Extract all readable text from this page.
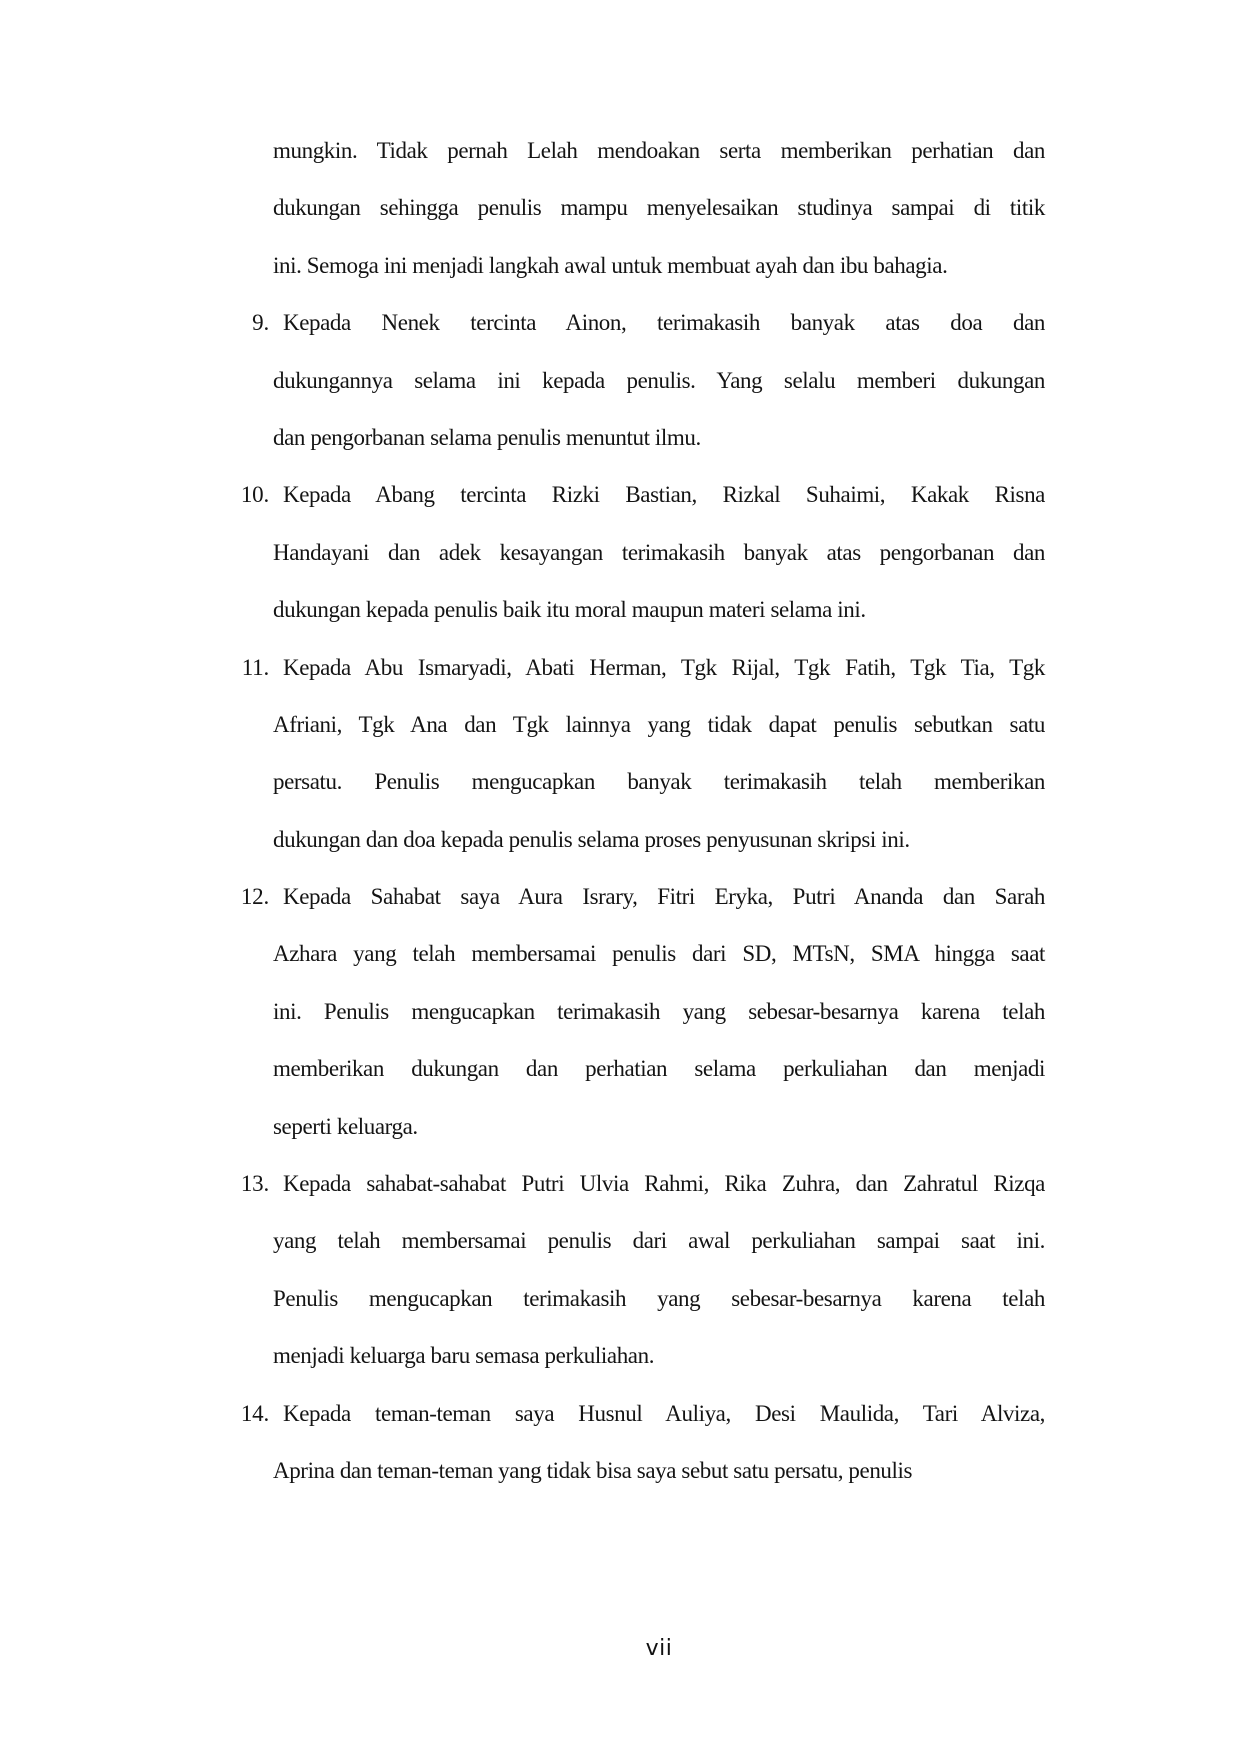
mungkin. Tidak pernah Lelah mendoakan serta memberikan perhatian dan
dukungan sehingga penulis mampu menyelesaikan studinya sampai di titik
ini. Semoga ini menjadi langkah awal untuk membuat ayah dan ibu bahagia.
9. Kepada Nenek tercinta Ainon, terimakasih banyak atas doa dan
dukungannya selama ini kepada penulis. Yang selalu memberi dukungan
dan pengorbanan selama penulis menuntut ilmu.
10. Kepada Abang tercinta Rizki Bastian, Rizkal Suhaimi, Kakak Risna
Handayani dan adek kesayangan terimakasih banyak atas pengorbanan dan
dukungan kepada penulis baik itu moral maupun materi selama ini.
11. Kepada Abu Ismaryadi, Abati Herman, Tgk Rijal, Tgk Fatih, Tgk Tia, Tgk
Afriani, Tgk Ana dan Tgk lainnya yang tidak dapat penulis sebutkan satu
persatu. Penulis mengucapkan banyak terimakasih telah memberikan
dukungan dan doa kepada penulis selama proses penyusunan skripsi ini.
12. Kepada Sahabat saya Aura Israry, Fitri Eryka, Putri Ananda dan Sarah
Azhara yang telah membersamai penulis dari SD, MTsN, SMA hingga saat
ini. Penulis mengucapkan terimakasih yang sebesar-besarnya karena telah
memberikan dukungan dan perhatian selama perkuliahan dan menjadi
seperti keluarga.
13. Kepada sahabat-sahabat Putri Ulvia Rahmi, Rika Zuhra, dan Zahratul Rizqa
yang telah membersamai penulis dari awal perkuliahan sampai saat ini.
Penulis mengucapkan terimakasih yang sebesar-besarnya karena telah
menjadi keluarga baru semasa perkuliahan.
14. Kepada teman-teman saya Husnul Auliya, Desi Maulida, Tari Alviza,
Aprina dan teman-teman yang tidak bisa saya sebut satu persatu, penulis
vii
